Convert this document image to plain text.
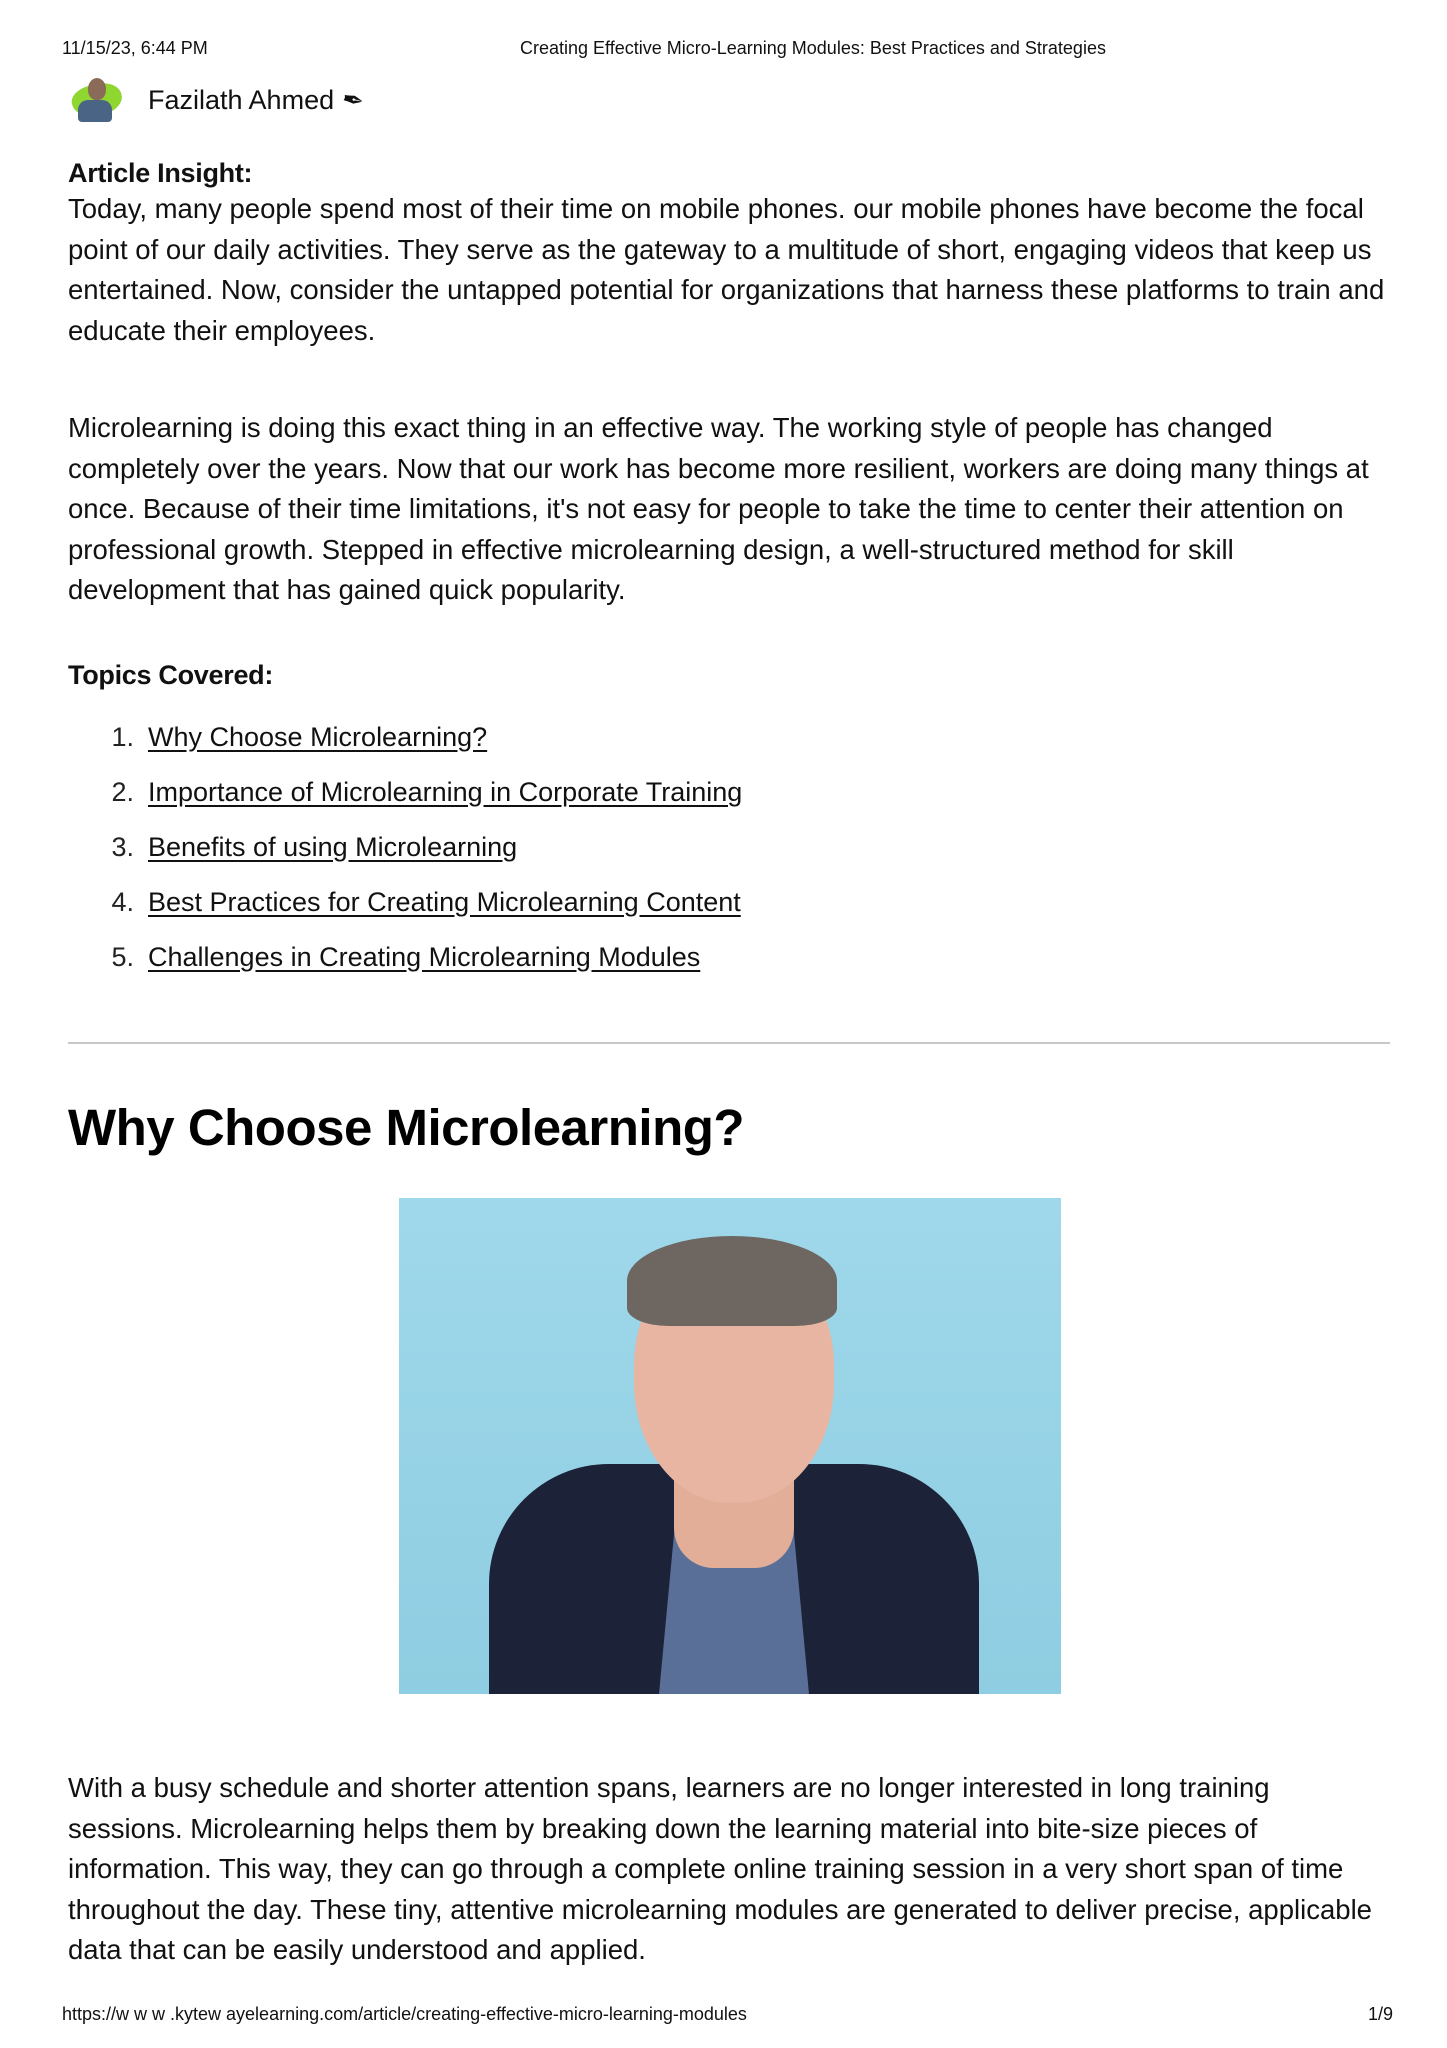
11/15/23, 6:44 PM	Creating Effective Micro-Learning Modules: Best Practices and Strategies
Fazilath Ahmed ✒
Article Insight:
Today, many people spend most of their time on mobile phones. our mobile phones have become the focal point of our daily activities. They serve as the gateway to a multitude of short, engaging videos that keep us entertained. Now, consider the untapped potential for organizations that harness these platforms to train and educate their employees.
Microlearning is doing this exact thing in an effective way. The working style of people has changed completely over the years. Now that our work has become more resilient, workers are doing many things at once. Because of their time limitations, it's not easy for people to take the time to center their attention on professional growth. Stepped in effective microlearning design, a well-structured method for skill development that has gained quick popularity.
Topics Covered:
1. Why Choose Microlearning?
2. Importance of Microlearning in Corporate Training
3. Benefits of using Microlearning
4. Best Practices for Creating Microlearning Content
5. Challenges in Creating Microlearning Modules
Why Choose Microlearning?
With a busy schedule and shorter attention spans, learners are no longer interested in long training sessions. Microlearning helps them by breaking down the learning material into bite-size pieces of information. This way, they can go through a complete online training session in a very short span of time throughout the day. These tiny, attentive microlearning modules are generated to deliver precise, applicable data that can be easily understood and applied.
https://w w w .kytew ayelearning.com/article/creating-effective-micro-learning-modules	1/9
